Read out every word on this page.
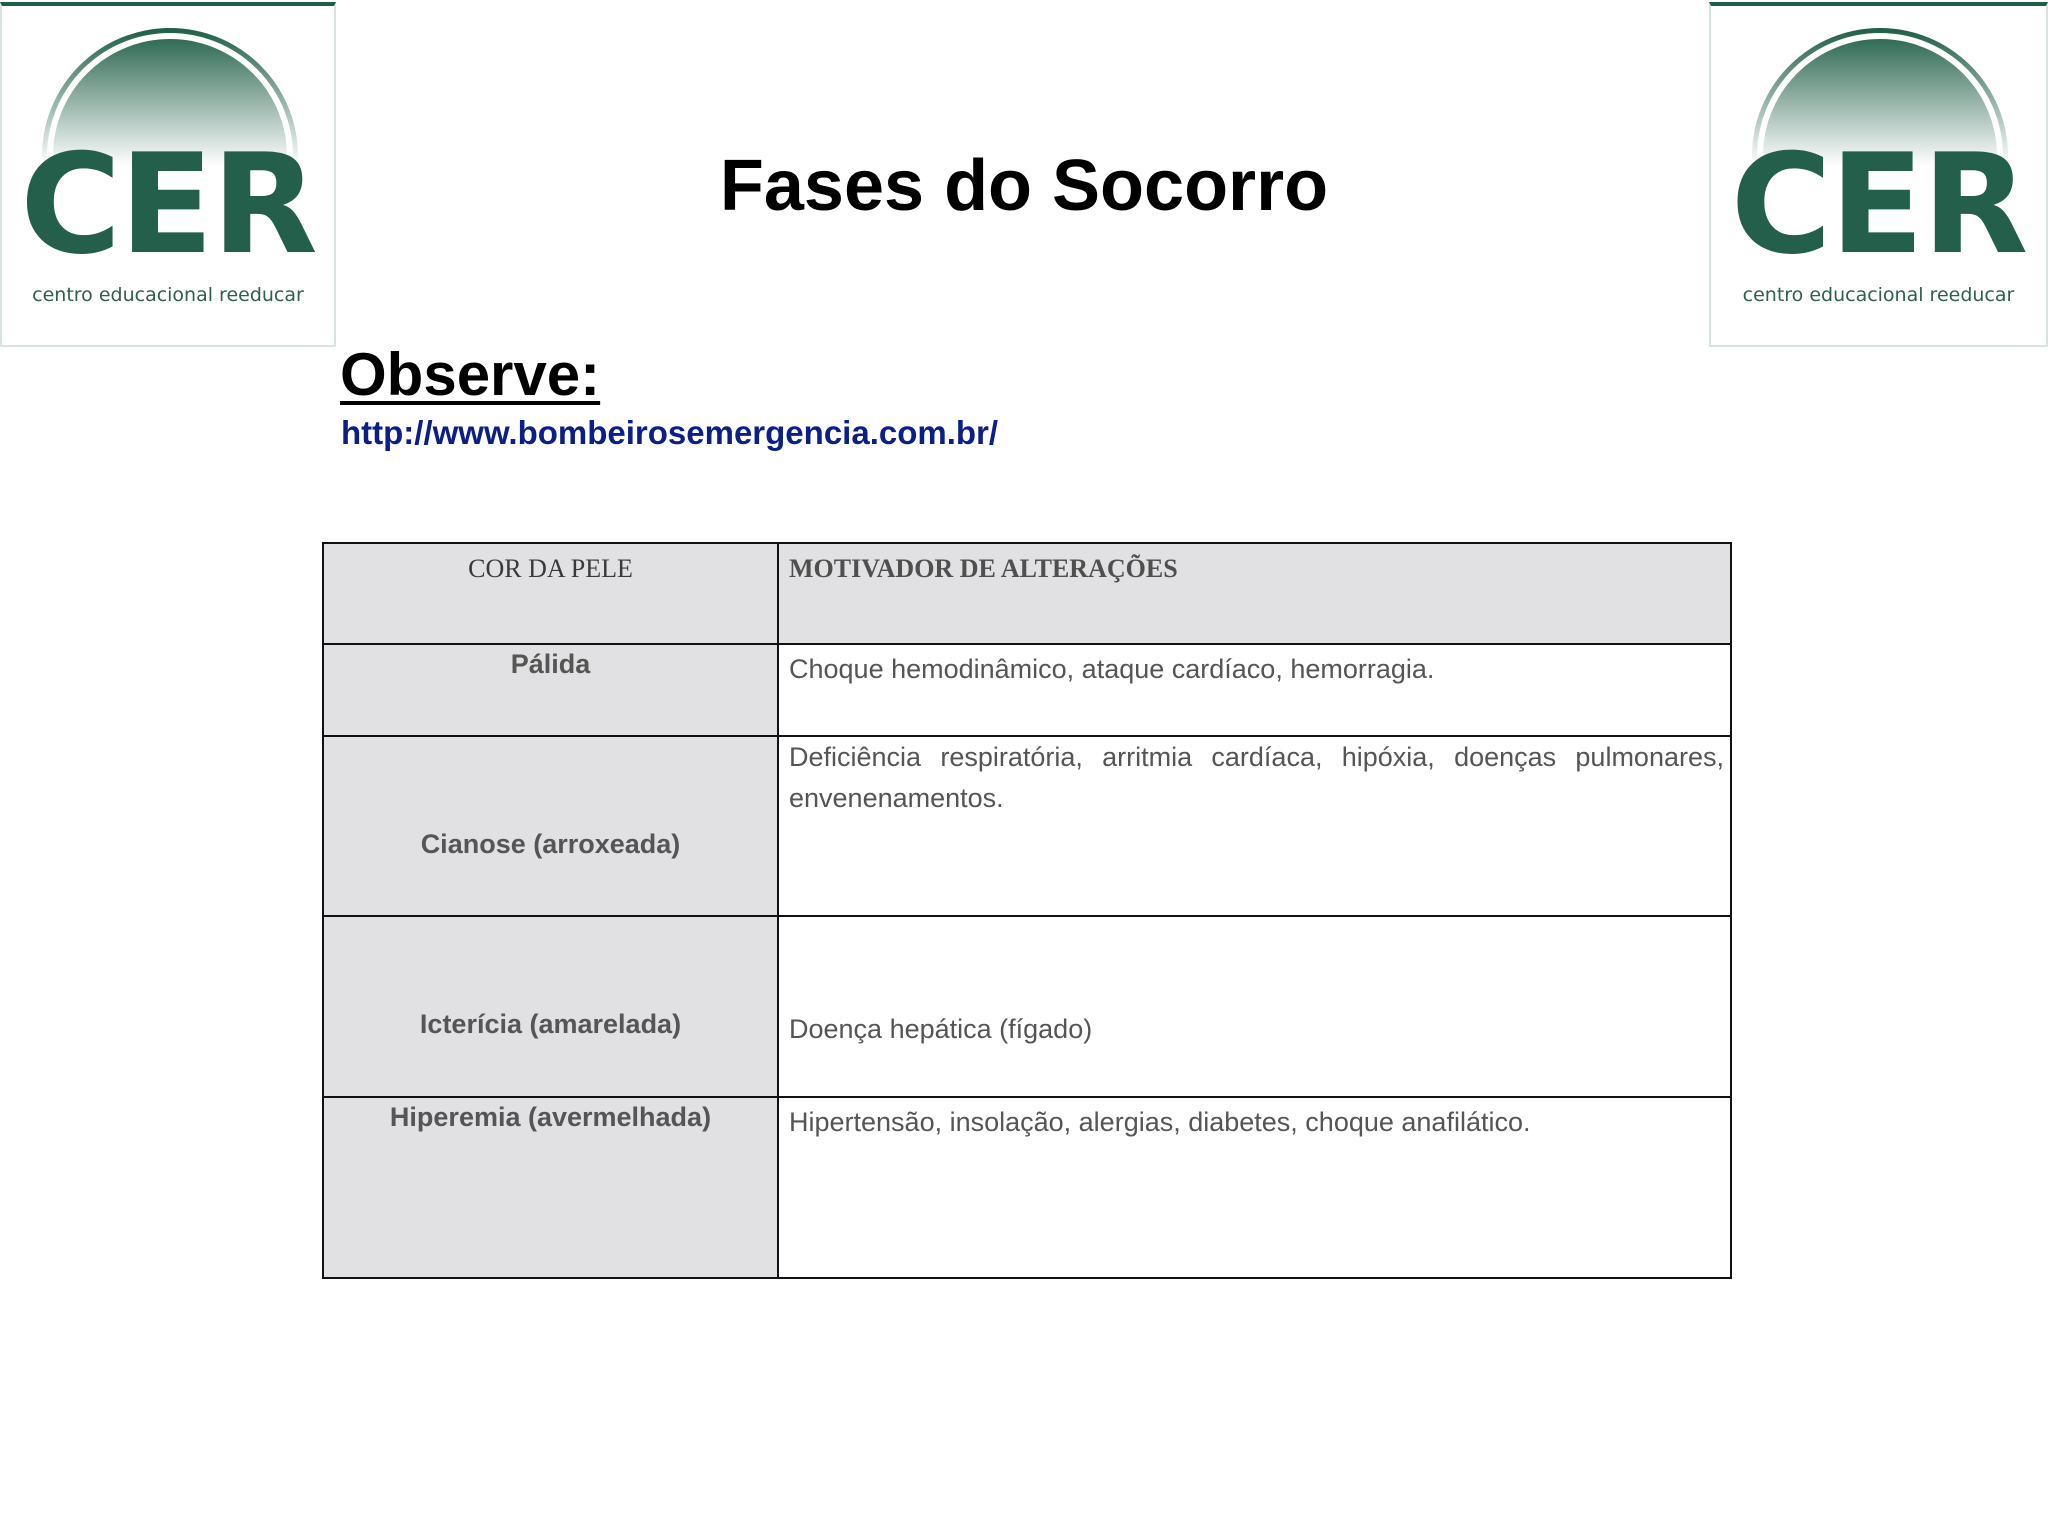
CER
centro educacional reeducar
CER
centro educacional reeducar
Fases do Socorro
Observe:
http://www.bombeirosemergencia.com.br/
COR DA PELE	MOTIVADOR DE ALTERAÇÕES
Pálida	Choque hemodinâmico, ataque cardíaco, hemorragia.
Cianose (arroxeada)	Deficiência respiratória, arritmia cardíaca, hipóxia, doenças pulmonares, envenenamentos.
Icterícia (amarelada)	Doença hepática (fígado)
Hiperemia (avermelhada)	Hipertensão, insolação, alergias, diabetes, choque anafilático.
